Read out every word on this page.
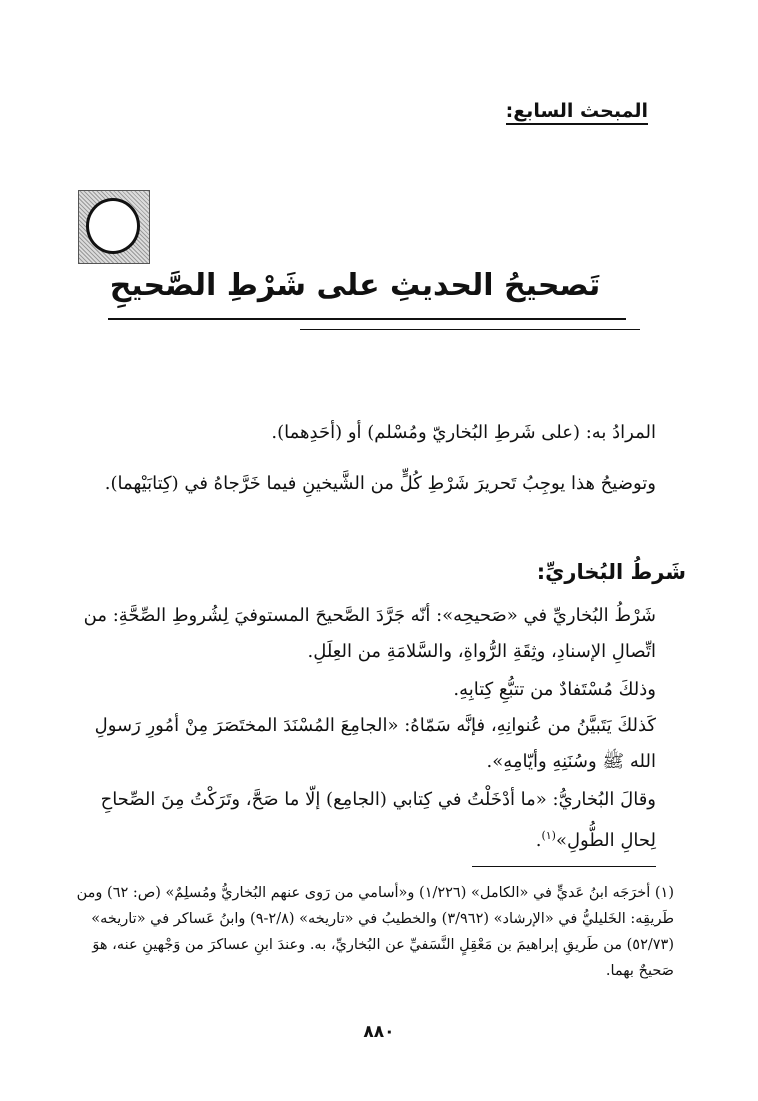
المبحث السابع:
تَصحيحُ الحديثِ على شَرْطِ الصَّحيحِ
المرادُ به: (على شَرطِ البُخاريّ ومُسْلم) أو (أحَدِهما).
وتوضيحُ هذا يوجِبُ تَحريرَ شَرْطِ كُلٍّ من الشَّيخينِ فيما خَرَّجاهُ في (كِتابَيْهما).
شَرطُ البُخاريِّ:
شَرْطُ البُخاريِّ في «صَحيحِه»: أنّه جَرَّدَ الصَّحيحَ المستوفيَ لِشُروطِ الصِّحَّةِ: من اتِّصالِ الإسنادِ، وثِقَةِ الرُّواةِ، والسَّلامَةِ من العِلَلِ.
وذلكَ مُسْتَفادٌ من تتبُّعِ كِتابِهِ.
كَذلكَ يَتَبيَّنُ من عُنوانِهِ، فإنَّه سَمّاهُ: «الجامِعَ المُسْنَدَ المختَصَرَ مِنْ أمُورِ رَسولِ الله ﷺ وسُنَنِهِ وأيّامِهِ».
وقالَ البُخاريُّ: «ما أدْخَلْتُ في كِتابي (الجامِع) إلّا ما صَحَّ، وتَرَكْتُ مِنَ الصِّحاحِ لِحالِ الطُّولِ»$^{(١)}$.
(١) أخرَجَه ابنُ عَديٍّ في «الكامل» (١/٢٢٦) و«أسامي من رَوى عنهم البُخاريُّ ومُسلِمٌ» (ص: ٦٢) ومن طَريقِه: الخَليليُّ في «الإرشاد» (٣/٩٦٢) والخطيبُ في «تاريخه» (٢/٨-٩) وابنُ عَساكر في «تاريخه» (٥٢/٧٣) من طَريقِ إبراهيمَ بن مَعْقِلٍ النَّسَفيِّ عن البُخاريِّ، به. وعندَ ابنِ عساكرَ من وَجْهينِ عنه، هوَ صَحيحٌ بهما.
٨٨٠
